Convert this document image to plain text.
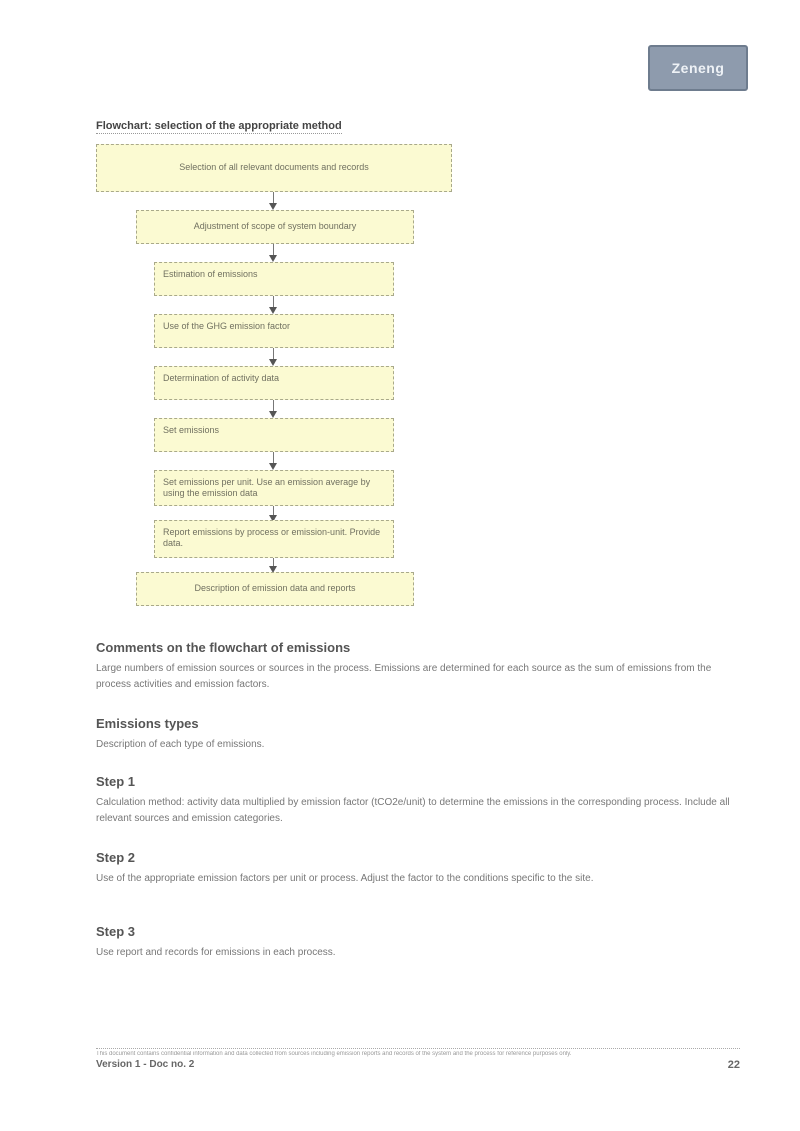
Zeneng
Flowchart: selection of the appropriate method
Selection of all relevant documents and records
Adjustment of scope of system boundary
Estimation of emissions
Use of the GHG emission factor
Determination of activity data
Set emissions
Set emissions per unit. Use an emission average by using the emission data
Report emissions by process or emission-unit. Provide data.
Description of emission data and reports
Comments on the flowchart of emissions

Large numbers of emission sources or sources in the process. Emissions are determined for each source as the sum of emissions from the process activities and emission factors.

Emissions types

Description of each type of emissions.

Step 1

Calculation method: activity data multiplied by emission factor (tCO2e/unit) to determine the emissions in the corresponding process. Include all relevant sources and emission categories.

Step 2

Use of the appropriate emission factors per unit or process. Adjust the factor to the conditions specific to the site.

Step 3

Use report and records for emissions in each process.

This document contains confidential information and data collected from sources including emission reports and records of the system and the process for reference purposes only.
Version 1 - Doc no. 2	22
